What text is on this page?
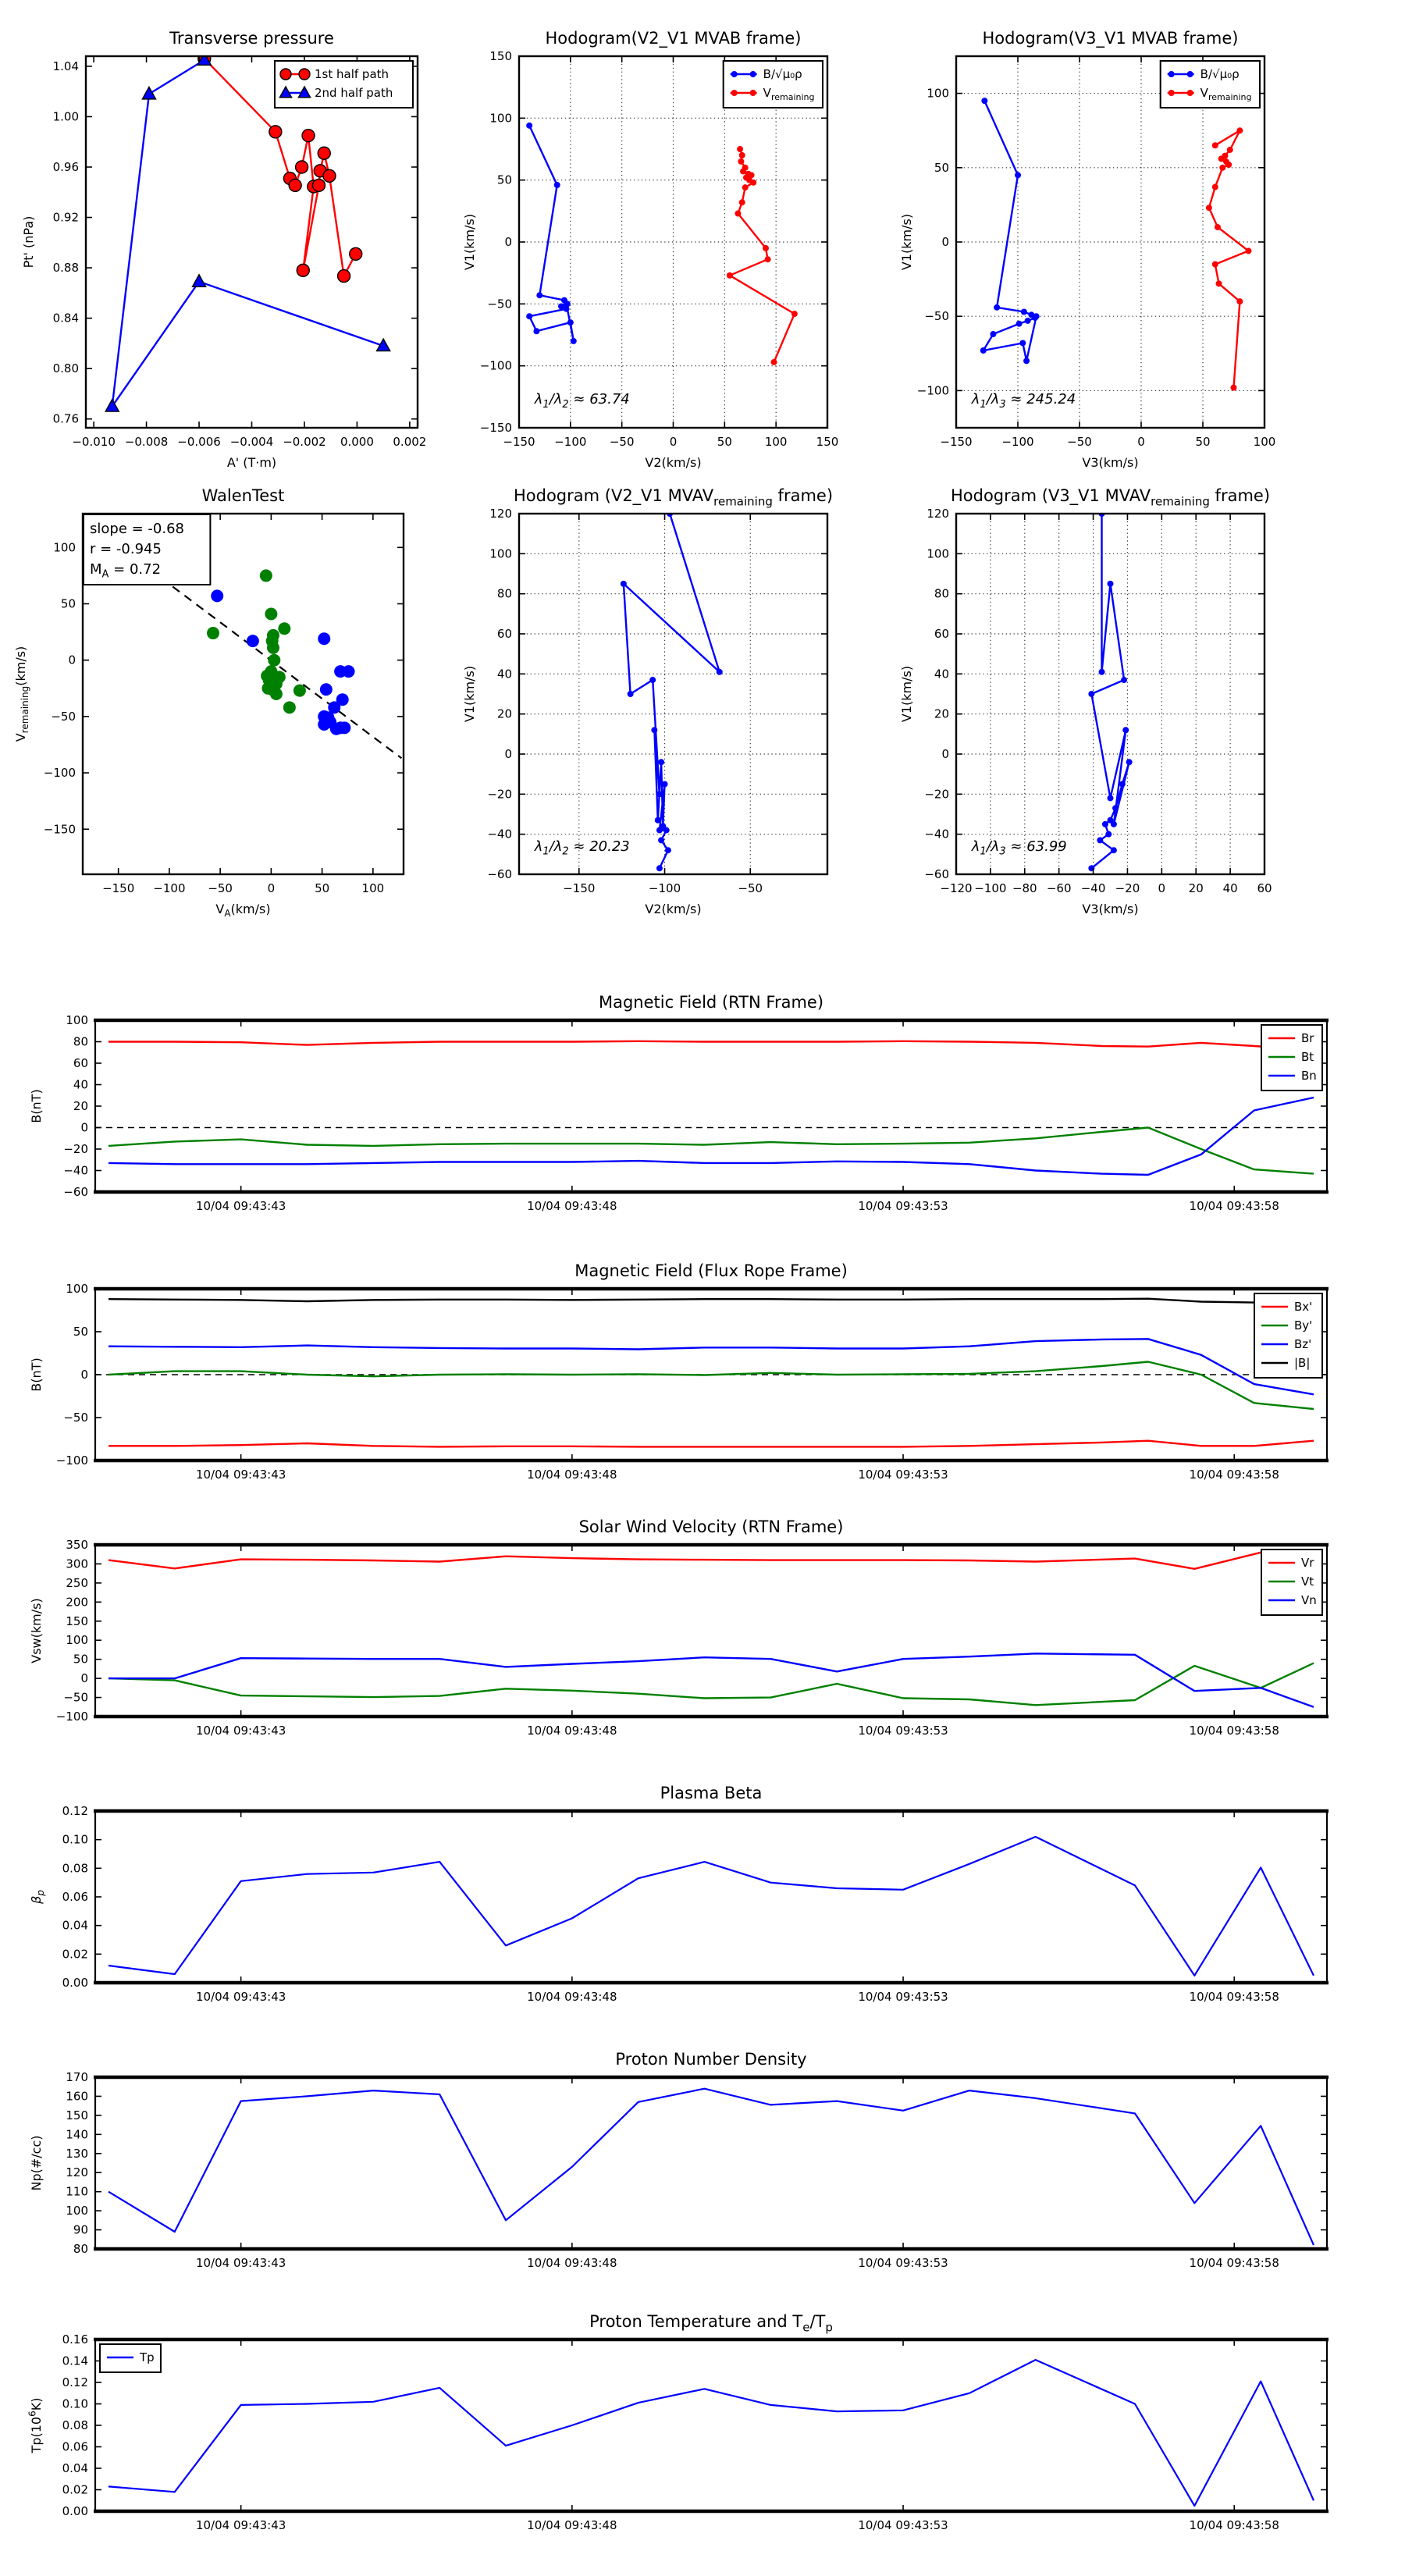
−0.010 −0.008 −0.006 −0.004 −0.002 0.000 0.002
0.76
0.80
0.84
0.88
0.92
0.96
1.00
1.04
Transverse pressure
A' (T·m)
Pt' (nPa)
1st half path
2nd half path
−150 −100 −50	0	50	100 150
−150
−100
−50
0
50
100
150
Hodogram(V2_V1 MVAB frame)
V2(km/s)
V1(km/s)
B/√μ₀ρ
$V_{remaining}$
$\lambda_1/\lambda_2 \approx 63.74$
−150	−100	−50	0	50	100
−100
−50
0
50
100
Hodogram(V3_V1 MVAB frame)
V3(km/s)
V1(km/s)
B/√μ₀ρ
$V_{remaining}$
$\lambda_1/\lambda_3 \approx 245.24$
−150 −100 −50	0	50	100
−150
−100
−50
0
50
100
WalenTest
$V_A(km/s)$
$V_{remaining}(km/s)$
slope = -0.68
r = -0.945
$M_A = 0.72$
−150	−100	−50
−60
−40
−20
0
20
40
60
80
100
120
Hodogram (V2_V1 $MVAV_{remaining}$ frame)
V2(km/s)
V1(km/s)
$\lambda_1/\lambda_2 \approx 20.23$
−120 −100 −80 −60 −40 −20 0 20 40 60
−60
−40
−20
0
20
40
60
80
100
120
Hodogram (V3_V1 $MVAV_{remaining}$ frame)
V3(km/s)
V1(km/s)
$\lambda_1/\lambda_3 \approx 63.99$
10/04 09:43:43	10/04 09:43:48	10/04 09:43:53	10/04 09:43:58
−60
−40
−20
0
20
40
60
80
100
Magnetic Field (RTN Frame)
B(nT)
Br
Bt
Bn
10/04 09:43:43	10/04 09:43:48	10/04 09:43:53	10/04 09:43:58
−100
−50
0
50
100
Magnetic Field (Flux Rope Frame)
B(nT)
Bx'
By'
Bz'
|B|
10/04 09:43:43	10/04 09:43:48	10/04 09:43:53	10/04 09:43:58
−100
−50
0
50
100
150
200
250
300
350
Solar Wind Velocity (RTN Frame)
Vsw(km/s)
Vr
Vt
Vn
10/04 09:43:43	10/04 09:43:48	10/04 09:43:53	10/04 09:43:58
0.00
0.02
0.04
0.06
0.08
0.10
0.12
Plasma Beta
$\beta_p$
10/04 09:43:43	10/04 09:43:48	10/04 09:43:53	10/04 09:43:58
80
90
100
110
120
130
140
150
160
170
Proton Number Density
Np(#/cc)
10/04 09:43:43	10/04 09:43:48	10/04 09:43:53	10/04 09:43:58
0.00
0.02
0.04
0.06
0.08
0.10
0.12
0.14
0.16
Proton Temperature and $T_e/T_p$
$Tp(10^6K)$
Tp
